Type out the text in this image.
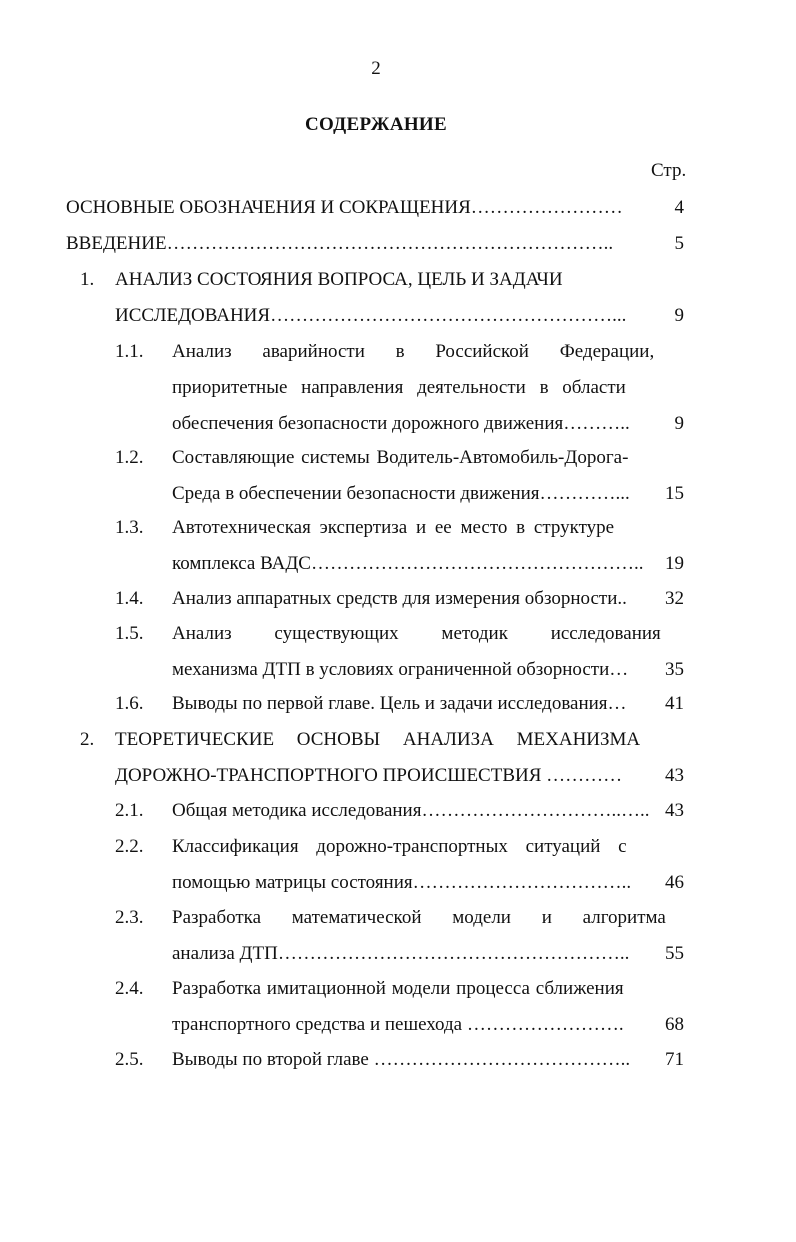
2
СОДЕРЖАНИЕ
Стр.
ОСНОВНЫЕ ОБОЗНАЧЕНИЯ И СОКРАЩЕНИЯ……………………	4
ВВЕДЕНИЕ……………………………………………………………..	5
1. АНАЛИЗ СОСТОЯНИЯ ВОПРОСА, ЦЕЛЬ И ЗАДАЧИ
ИССЛЕДОВАНИЯ………………………………………………...	9
1.1. Анализ аварийности в Российской Федерации,
приоритетные направления деятельности в области
обеспечения безопасности дорожного движения………..	9
1.2. Составляющие системы Водитель-Автомобиль-Дорога-
Среда в обеспечении безопасности движения…………...	15
1.3. Автотехническая экспертиза и ее место в структуре
комплекса ВАДС……………………………………………..	19
1.4. Анализ аппаратных средств для измерения обзорности..	32
1.5. Анализ существующих методик исследования
механизма ДТП в условиях ограниченной обзорности…	35
1.6. Выводы по первой главе. Цель и задачи исследования…	41
2. ТЕОРЕТИЧЕСКИЕ ОСНОВЫ АНАЛИЗА МЕХАНИЗМА
ДОРОЖНО-ТРАНСПОРТНОГО ПРОИСШЕСТВИЯ …………	43
2.1. Общая методика исследования…………………………..….. 43
2.2. Классификация дорожно-транспортных ситуаций с
помощью матрицы состояния……………………………..	46
2.3. Разработка математической модели и алгоритма
анализа ДТП………………………………………………..	55
2.4. Разработка имитационной модели процесса сближения
транспортного средства и пешехода …………………….	68
2.5. Выводы по второй главе …………………………………..	71
